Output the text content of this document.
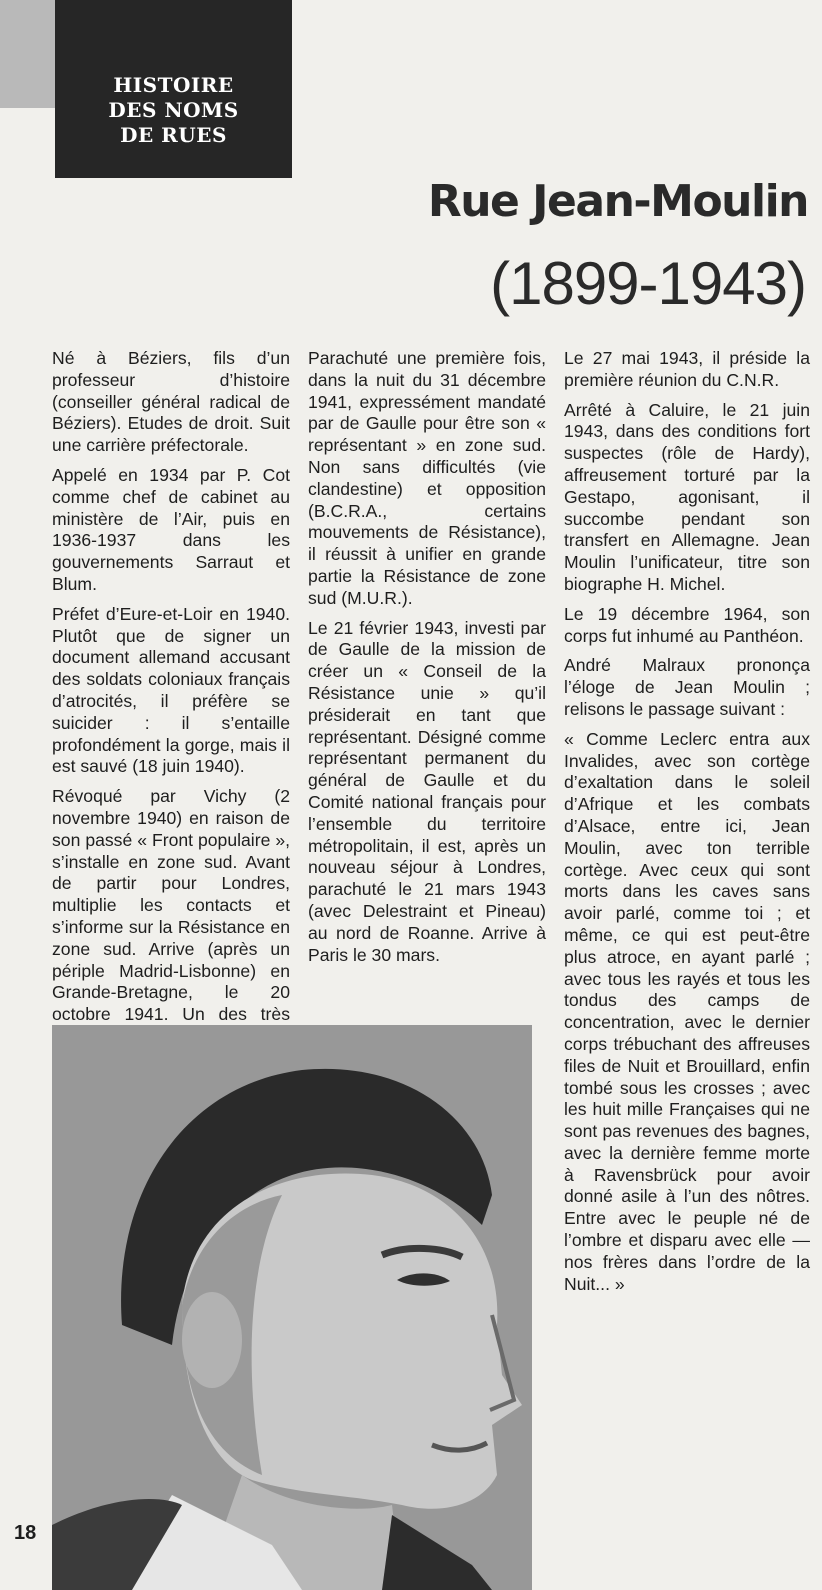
HISTOIRE
DES NOMS
DE RUES
Rue Jean-Moulin
(1899-1943)

Né à Béziers, fils d’un professeur d’histoire (conseiller général radical de Béziers). Etudes de droit. Suit une carrière préfectorale.

Appelé en 1934 par P. Cot comme chef de cabinet au ministère de l’Air, puis en 1936-1937 dans les gouvernements Sarraut et Blum.

Préfet d’Eure-et-Loir en 1940. Plutôt que de signer un document allemand accusant des soldats coloniaux français d’atrocités, il préfère se suicider : il s’entaille profondément la gorge, mais il est sauvé (18 juin 1940).

Révoqué par Vichy (2 novembre 1940) en raison de son passé « Front populaire », s’installe en zone sud. Avant de partir pour Londres, multiplie les contacts et s’informe sur la Résistance en zone sud. Arrive (après un périple Madrid-Lisbonne) en Grande-Bretagne, le 20 octobre 1941. Un des très

Parachuté une première fois, dans la nuit du 31 décembre 1941, expressément mandaté par de Gaulle pour être son « représentant » en zone sud. Non sans difficultés (vie clandestine) et opposition (B.C.R.A., certains mouvements de Résistance), il réussit à unifier en grande partie la Résistance de zone sud (M.U.R.).

Le 21 février 1943, investi par de Gaulle de la mission de créer un « Conseil de la Résistance unie » qu’il présiderait en tant que représentant. Désigné comme représentant permanent du général de Gaulle et du Comité national français pour l’ensemble du territoire métropolitain, il est, après un nouveau séjour à Londres, parachuté le 21 mars 1943 (avec Delestraint et Pineau) au nord de Roanne. Arrive à Paris le 30 mars.

Le 27 mai 1943, il préside la première réunion du C.N.R.

Arrêté à Caluire, le 21 juin 1943, dans des conditions fort suspectes (rôle de Hardy), affreusement torturé par la Gestapo, agonisant, il succombe pendant son transfert en Allemagne. Jean Moulin l’unificateur, titre son biographe H. Michel.

Le 19 décembre 1964, son corps fut inhumé au Panthéon.

André Malraux prononça l’éloge de Jean Moulin ; relisons le passage suivant :

« Comme Leclerc entra aux Invalides, avec son cortège d’exaltation dans le soleil d’Afrique et les combats d’Alsace, entre ici, Jean Moulin, avec ton terrible cortège. Avec ceux qui sont morts dans les caves sans avoir parlé, comme toi ; et même, ce qui est peut-être plus atroce, en ayant parlé ; avec tous les rayés et tous les tondus des camps de concentration, avec le dernier corps trébuchant des affreuses files de Nuit et Brouillard, enfin tombé sous les crosses ; avec les huit mille Françaises qui ne sont pas revenues des bagnes, avec la dernière femme morte à Ravensbrück pour avoir donné asile à l’un des nôtres. Entre avec le peuple né de l’ombre et disparu avec elle — nos frères dans l’ordre de la Nuit... »

18
